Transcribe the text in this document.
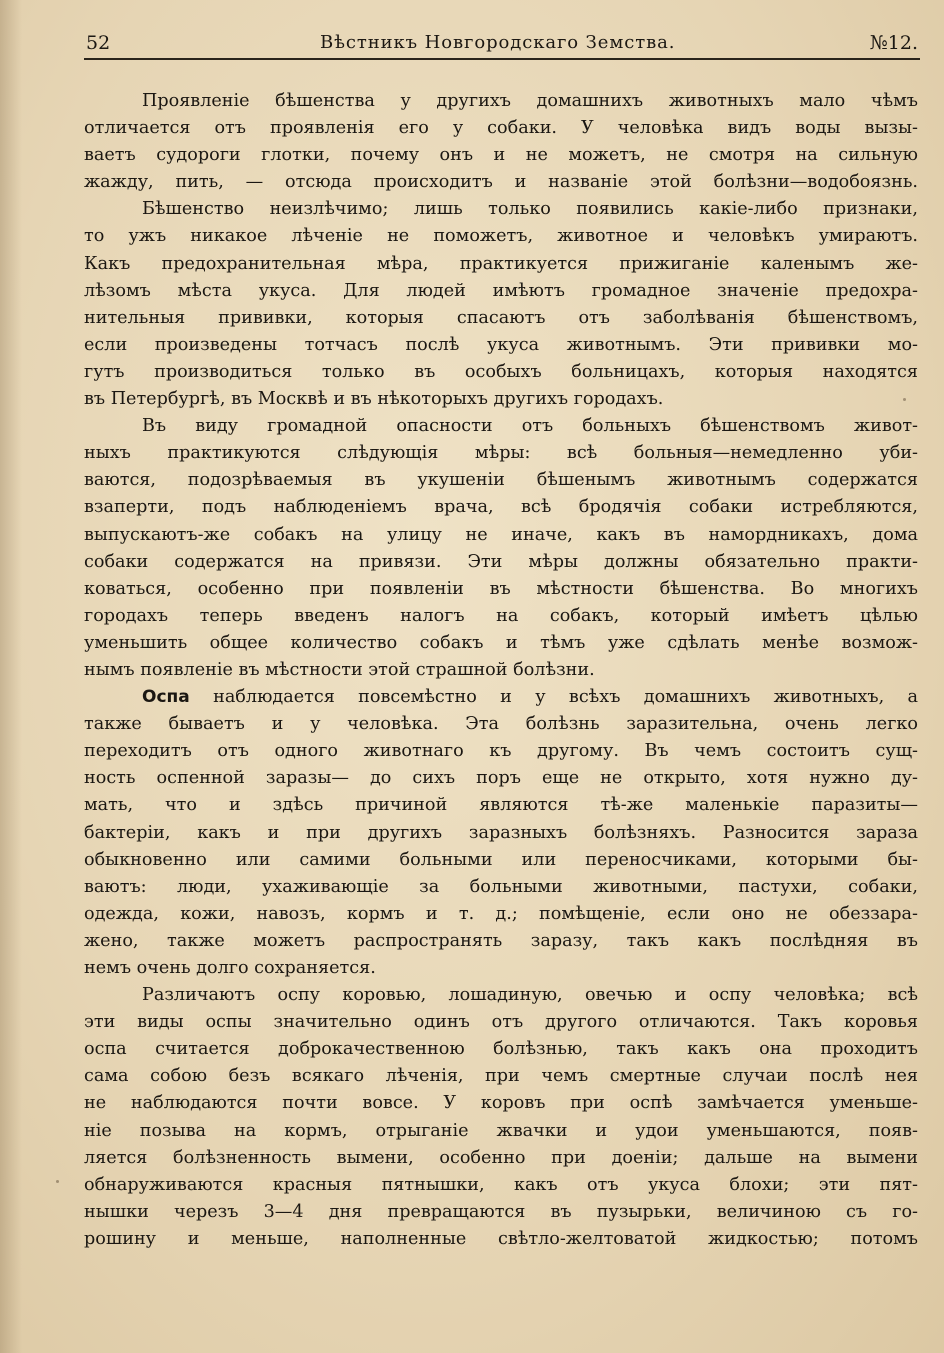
52	Вѣстникъ Новгородскаго Земства.	№12.
Проявленіе бѣшенства у другихъ домашнихъ животныхъ мало чѣмъ
отличается отъ проявленія его у собаки. У человѣка видъ воды вызы-
ваетъ судороги глотки, почему онъ и не можетъ, не смотря на сильную
жажду, пить, — отсюда происходитъ и названіе этой болѣзни—водобоязнь.
Бѣшенство неизлѣчимо; лишь только появились какіе-либо признаки,
то ужъ никакое лѣченіе не поможетъ, животное и человѣкъ умираютъ.
Какъ предохранительная мѣра, практикуется прижиганіе каленымъ же-
лѣзомъ мѣста укуса. Для людей имѣютъ громадное значеніе предохра-
нительныя прививки, которыя спасаютъ отъ заболѣванія бѣшенствомъ,
если произведены тотчасъ послѣ укуса животнымъ. Эти прививки мо-
гутъ производиться только въ особыхъ больницахъ, которыя находятся
въ Петербургѣ, въ Москвѣ и въ нѣкоторыхъ другихъ городахъ.
Въ виду громадной опасности отъ больныхъ бѣшенствомъ живот-
ныхъ практикуются слѣдующія мѣры: всѣ больныя—немедленно уби-
ваются, подозрѣваемыя въ укушеніи бѣшенымъ животнымъ содержатся
взаперти, подъ наблюденіемъ врача, всѣ бродячія собаки истребляются,
выпускаютъ-же собакъ на улицу не иначе, какъ въ намордникахъ, дома
собаки содержатся на привязи. Эти мѣры должны обязательно практи-
коваться, особенно при появленіи въ мѣстности бѣшенства. Во многихъ
городахъ теперь введенъ налогъ на собакъ, который имѣетъ цѣлью
уменьшить общее количество собакъ и тѣмъ уже сдѣлать менѣе возмож-
нымъ появленіе въ мѣстности этой страшной болѣзни.
Оспа наблюдается повсемѣстно и у всѣхъ домашнихъ животныхъ, а
также бываетъ и у человѣка. Эта болѣзнь заразительна, очень легко
переходитъ отъ одного животнаго къ другому. Въ чемъ состоитъ сущ-
ность оспенной заразы— до сихъ поръ еще не открыто, хотя нужно ду-
мать, что и здѣсь причиной являются тѣ-же маленькіе паразиты—
бактеріи, какъ и при другихъ заразныхъ болѣзняхъ. Разносится зараза
обыкновенно или самими больными или переносчиками, которыми бы-
ваютъ: люди, ухаживающіе за больными животными, пастухи, собаки,
одежда, кожи, навозъ, кормъ и т. д.; помѣщеніе, если оно не обеззара-
жено, также можетъ распространять заразу, такъ какъ послѣдняя въ
немъ очень долго сохраняется.
Различаютъ оспу коровью, лошадиную, овечью и оспу человѣка; всѣ
эти виды оспы значительно одинъ отъ другого отличаются. Такъ коровья
оспа считается доброкачественною болѣзнью, такъ какъ она проходитъ
сама собою безъ всякаго лѣченія, при чемъ смертные случаи послѣ нея
не наблюдаются почти вовсе. У коровъ при оспѣ замѣчается уменьше-
ніе позыва на кормъ, отрыганіе жвачки и удои уменьшаются, появ-
ляется болѣзненность вымени, особенно при доеніи; дальше на вымени
обнаруживаются красныя пятнышки, какъ отъ укуса блохи; эти пят-
нышки черезъ 3—4 дня превращаются въ пузырьки, величиною съ го-
рошину и меньше, наполненные свѣтло-желтоватой жидкостью; потомъ
